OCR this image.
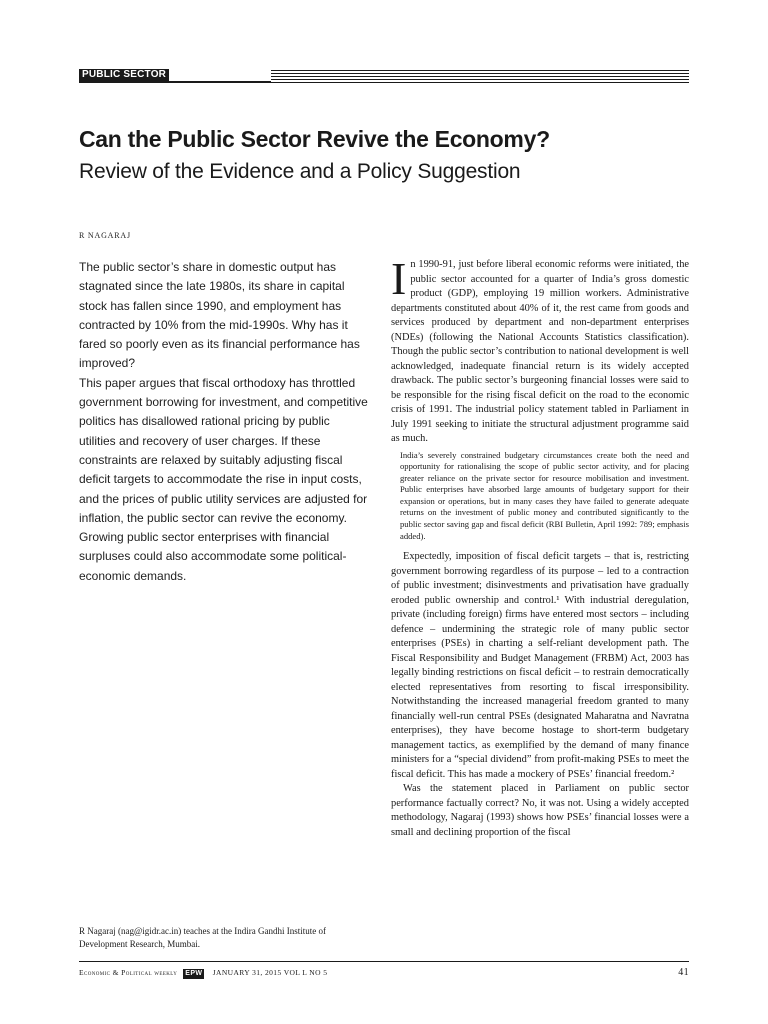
PUBLIC SECTOR
Can the Public Sector Revive the Economy?
Review of the Evidence and a Policy Suggestion
R NAGARAJ

The public sector’s share in domestic output has stagnated since the late 1980s, its share in capital stock has fallen since 1990, and employment has contracted by 10% from the mid-1990s. Why has it fared so poorly even as its financial performance has improved?

This paper argues that fiscal orthodoxy has throttled government borrowing for investment, and competitive politics has disallowed rational pricing by public utilities and recovery of user charges. If these constraints are relaxed by suitably adjusting fiscal deficit targets to accommodate the rise in input costs, and the prices of public utility services are adjusted for inflation, the public sector can revive the economy. Growing public sector enterprises with financial surpluses could also accommodate some political-economic demands.

In 1990-91, just before liberal economic reforms were initiated, the public sector accounted for a quarter of India’s gross domestic product (GDP), employing 19 million workers. Administrative departments constituted about 40% of it, the rest came from goods and services produced by department and non-department enterprises (NDEs) (following the National Accounts Statistics classification). Though the public sector’s contribution to national development is well acknowledged, inadequate financial return is its widely accepted drawback. The public sector’s burgeoning financial losses were said to be responsible for the rising fiscal deficit on the road to the economic crisis of 1991. The industrial policy statement tabled in Parliament in July 1991 seeking to initiate the structural adjustment programme said as much.

India’s severely constrained budgetary circumstances create both the need and opportunity for rationalising the scope of public sector activity, and for placing greater reliance on the private sector for resource mobilisation and investment. Public enterprises have absorbed large amounts of budgetary support for their expansion or operations, but in many cases they have failed to generate adequate returns on the investment of public money and contributed significantly to the public sector saving gap and fiscal deficit (RBI Bulletin, April 1992: 789; emphasis added).

Expectedly, imposition of fiscal deficit targets – that is, restricting government borrowing regardless of its purpose – led to a contraction of public investment; disinvestments and privatisation have gradually eroded public ownership and control.¹ With industrial deregulation, private (including foreign) firms have entered most sectors – including defence – undermining the strategic role of many public sector enterprises (PSEs) in charting a self-reliant development path. The Fiscal Responsibility and Budget Management (FRBM) Act, 2003 has legally binding restrictions on fiscal deficit – to restrain democratically elected representatives from resorting to fiscal irresponsibility. Notwithstanding the increased managerial freedom granted to many financially well-run central PSEs (designated Maharatna and Navratna enterprises), they have become hostage to short-term budgetary management tactics, as exemplified by the demand of many finance ministers for a “special dividend” from profit-making PSEs to meet the fiscal deficit. This has made a mockery of PSEs’ financial freedom.²

Was the statement placed in Parliament on public sector performance factually correct? No, it was not. Using a widely accepted methodology, Nagaraj (1993) shows how PSEs’ financial losses were a small and declining proportion of the fiscal

R Nagaraj (nag@igidr.ac.in) teaches at the Indira Gandhi Institute of Development Research, Mumbai.
Economic & Political weekly EPW JANUARY 31, 2015 VOL L NO 5	41
